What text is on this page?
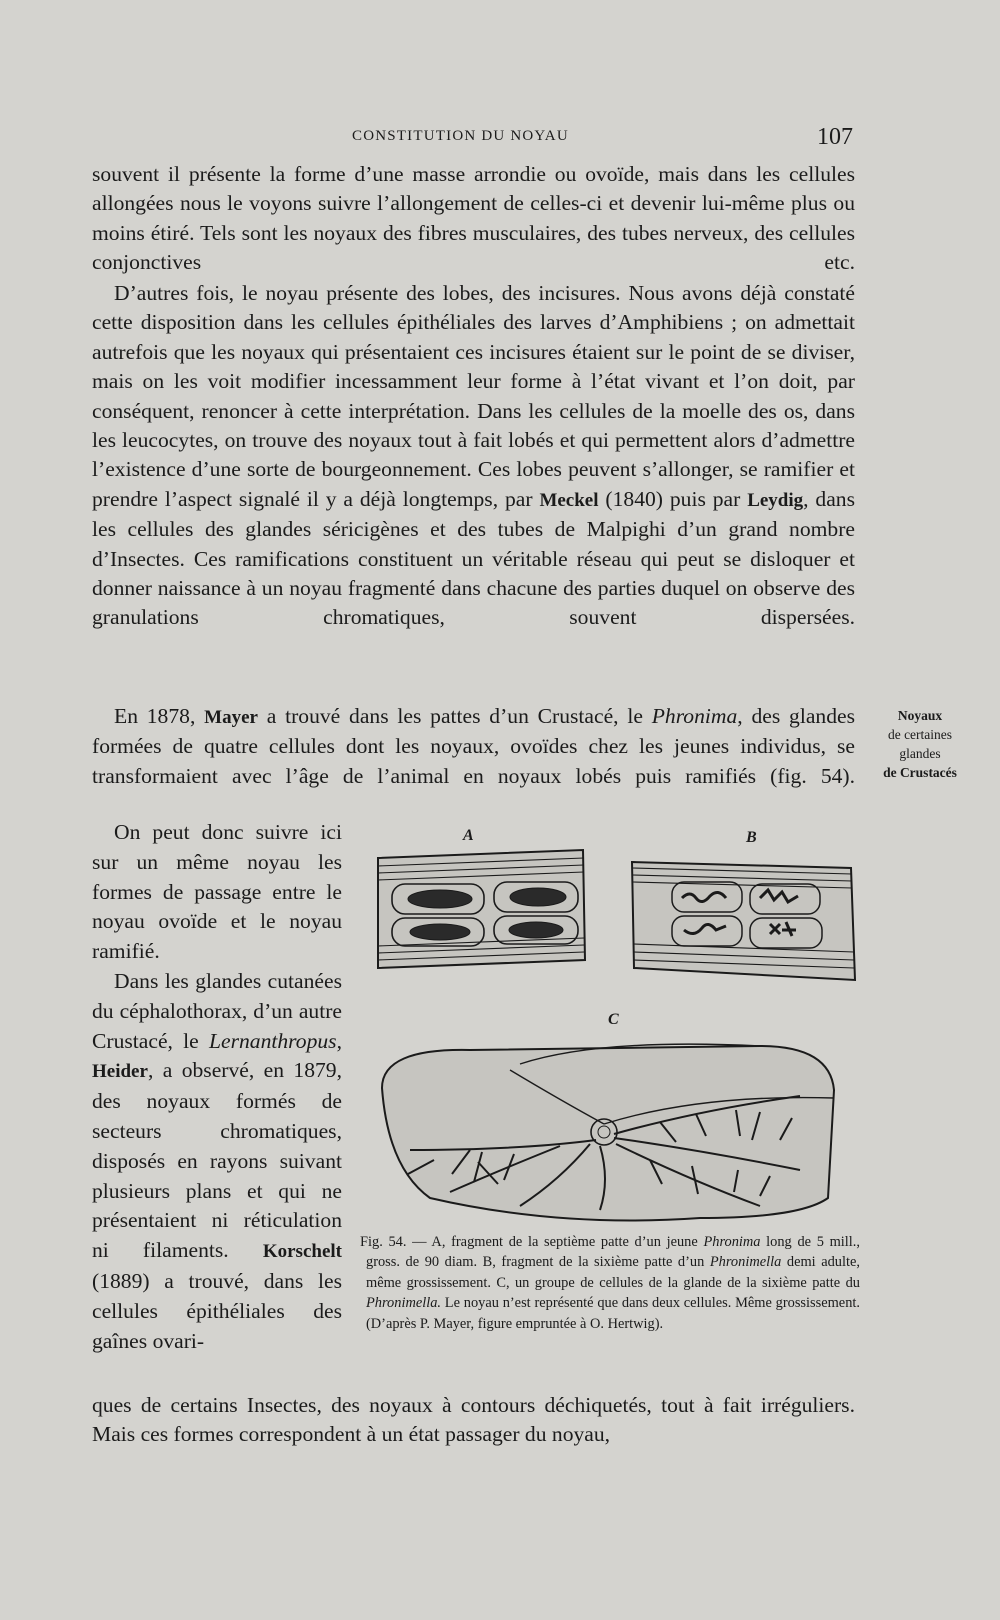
CONSTITUTION DU NOYAU	107
souvent il présente la forme d’une masse arrondie ou ovoïde, mais dans les cellules allongées nous le voyons suivre l’allongement de celles-ci et devenir lui-même plus ou moins étiré. Tels sont les noyaux des fibres musculaires, des tubes nerveux, des cellules conjonctives etc.
D’autres fois, le noyau présente des lobes, des incisures. Nous avons déjà constaté cette disposition dans les cellules épithéliales des larves d’Amphibiens ; on admettait autrefois que les noyaux qui présentaient ces incisures étaient sur le point de se diviser, mais on les voit modifier incessamment leur forme à l’état vivant et l’on doit, par conséquent, renoncer à cette interprétation. Dans les cellules de la moelle des os, dans les leucocytes, on trouve des noyaux tout à fait lobés et qui permettent alors d’admettre l’existence d’une sorte de bourgeonnement. Ces lobes peuvent s’allonger, se ramifier et prendre l’aspect signalé il y a déjà longtemps, par Meckel (1840) puis par Leydig, dans les cellules des glandes séricigènes et des tubes de Malpighi d’un grand nombre d’Insectes. Ces ramifications constituent un véritable réseau qui peut se disloquer et donner naissance à un noyau fragmenté dans chacune des parties duquel on observe des granulations chromatiques, souvent dispersées.
En 1878, Mayer a trouvé dans les pattes d’un Crustacé, le Phronima, des glandes formées de quatre cellules dont les noyaux, ovoïdes chez les jeunes individus, se transformaient avec l’âge de l’animal en noyaux lobés puis ramifiés (fig. 54).
Noyaux
de certaines
glandes
de Crustacés

On peut donc suivre ici sur un même noyau les formes de passage entre le noyau ovoïde et le noyau ramifié.

Dans les glandes cutanées du céphalothorax, d’un autre Crustacé, le Lernanthropus, Heider, a observé, en 1879, des noyaux formés de secteurs chromatiques, disposés en rayons suivant plusieurs plans et qui ne présentaient ni réticulation ni filaments. Korschelt (1889) a trouvé, dans les cellules épithéliales des gaînes ovari-

ques de certains Insectes, des noyaux à contours déchiquetés, tout à fait irréguliers. Mais ces formes correspondent à un état passager du noyau,
A	B
C
Fig. 54. — A, fragment de la septième patte d’un jeune Phronima long de 5 mill., gross. de 90 diam. B, fragment de la sixième patte d’un Phronimella demi adulte, même grossissement. C, un groupe de cellules de la glande de la sixième patte du Phronimella. Le noyau n’est représenté que dans deux cellules. Même grossissement. (D’après P. Mayer, figure empruntée à O. Hertwig).
